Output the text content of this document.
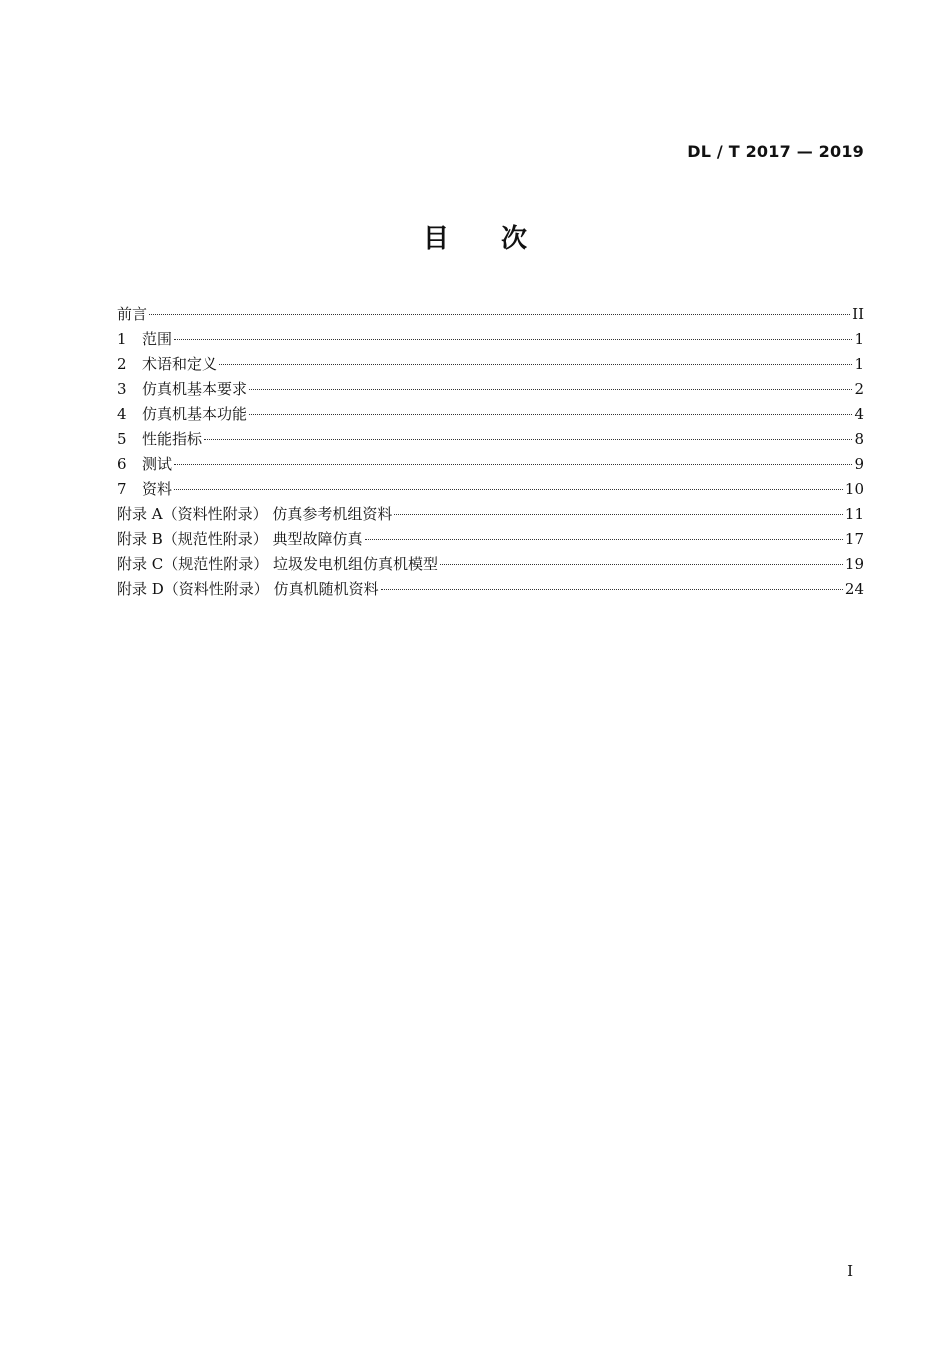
DL / T 2017 — 2019
目次
前言	II
1	范围	1
2	术语和定义	1
3	仿真机基本要求	2
4	仿真机基本功能	4
5	性能指标	8
6	测试	9
7	资料	10
附录 A（资料性附录） 仿真参考机组资料	11
附录 B（规范性附录） 典型故障仿真	17
附录 C（规范性附录） 垃圾发电机组仿真机模型	19
附录 D（资料性附录） 仿真机随机资料	24
I
